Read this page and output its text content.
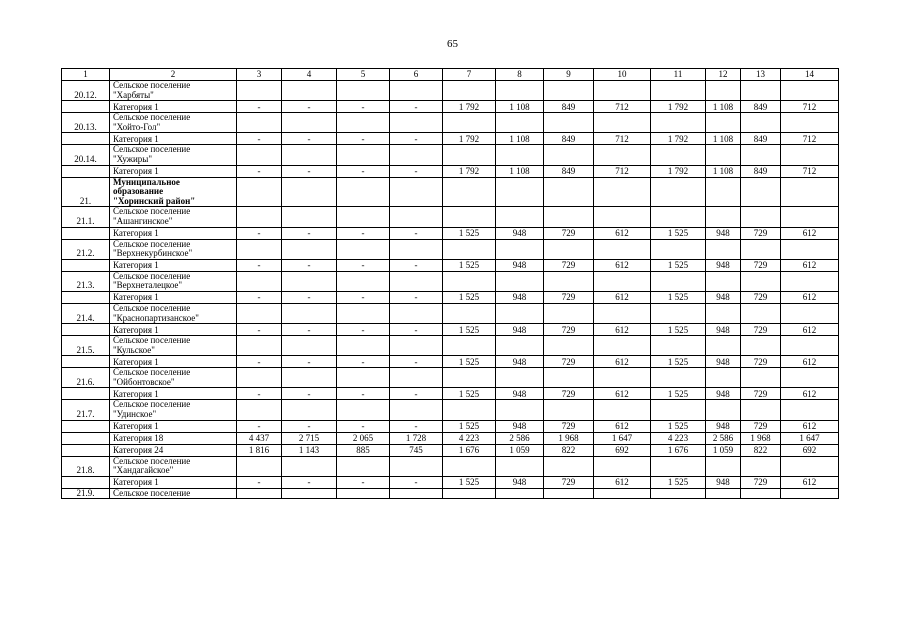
65
1	2	3	4	5	6	7	8	9	10	11	12	13	14
20.12.	Сельское поселение
"Харбяты"												

	Категория 1	-	-	-	-	1 792	1 108	849	712	1 792	1 108	849	712
20.13.	Сельское поселение
"Хойто-Гол"												

	Категория 1	-	-	-	-	1 792	1 108	849	712	1 792	1 108	849	712
20.14.	Сельское поселение
"Хужиры"												

	Категория 1	-	-	-	-	1 792	1 108	849	712	1 792	1 108	849	712
21.	Муниципальное
образование
"Хоринский район"												

21.1.	Сельское поселение
"Ашангинское"												

	Категория 1	-	-	-	-	1 525	948	729	612	1 525	948	729	612
21.2.	Сельское поселение
"Верхнекурбинское"												

	Категория 1	-	-	-	-	1 525	948	729	612	1 525	948	729	612
21.3.	Сельское поселение
"Верхнеталецкое"												

	Категория 1	-	-	-	-	1 525	948	729	612	1 525	948	729	612
21.4.	Сельское поселение
"Краснопартизанское"												

	Категория 1	-	-	-	-	1 525	948	729	612	1 525	948	729	612
21.5.	Сельское поселение
"Кульское"												

	Категория 1	-	-	-	-	1 525	948	729	612	1 525	948	729	612
21.6.	Сельское поселение
"Ойбонтовское"												

	Категория 1	-	-	-	-	1 525	948	729	612	1 525	948	729	612
21.7.	Сельское поселение
"Удинское"												

	Категория 1	-	-	-	-	1 525	948	729	612	1 525	948	729	612
	Категория 18	4 437	2 715	2 065	1 728	4 223	2 586	1 968	1 647	4 223	2 586	1 968	1 647
	Категория 24	1 816	1 143	885	745	1 676	1 059	822	692	1 676	1 059	822	692
21.8.	Сельское поселение
"Хандагайское"												

	Категория 1	-	-	-	-	1 525	948	729	612	1 525	948	729	612
21.9.	Сельское поселение												
